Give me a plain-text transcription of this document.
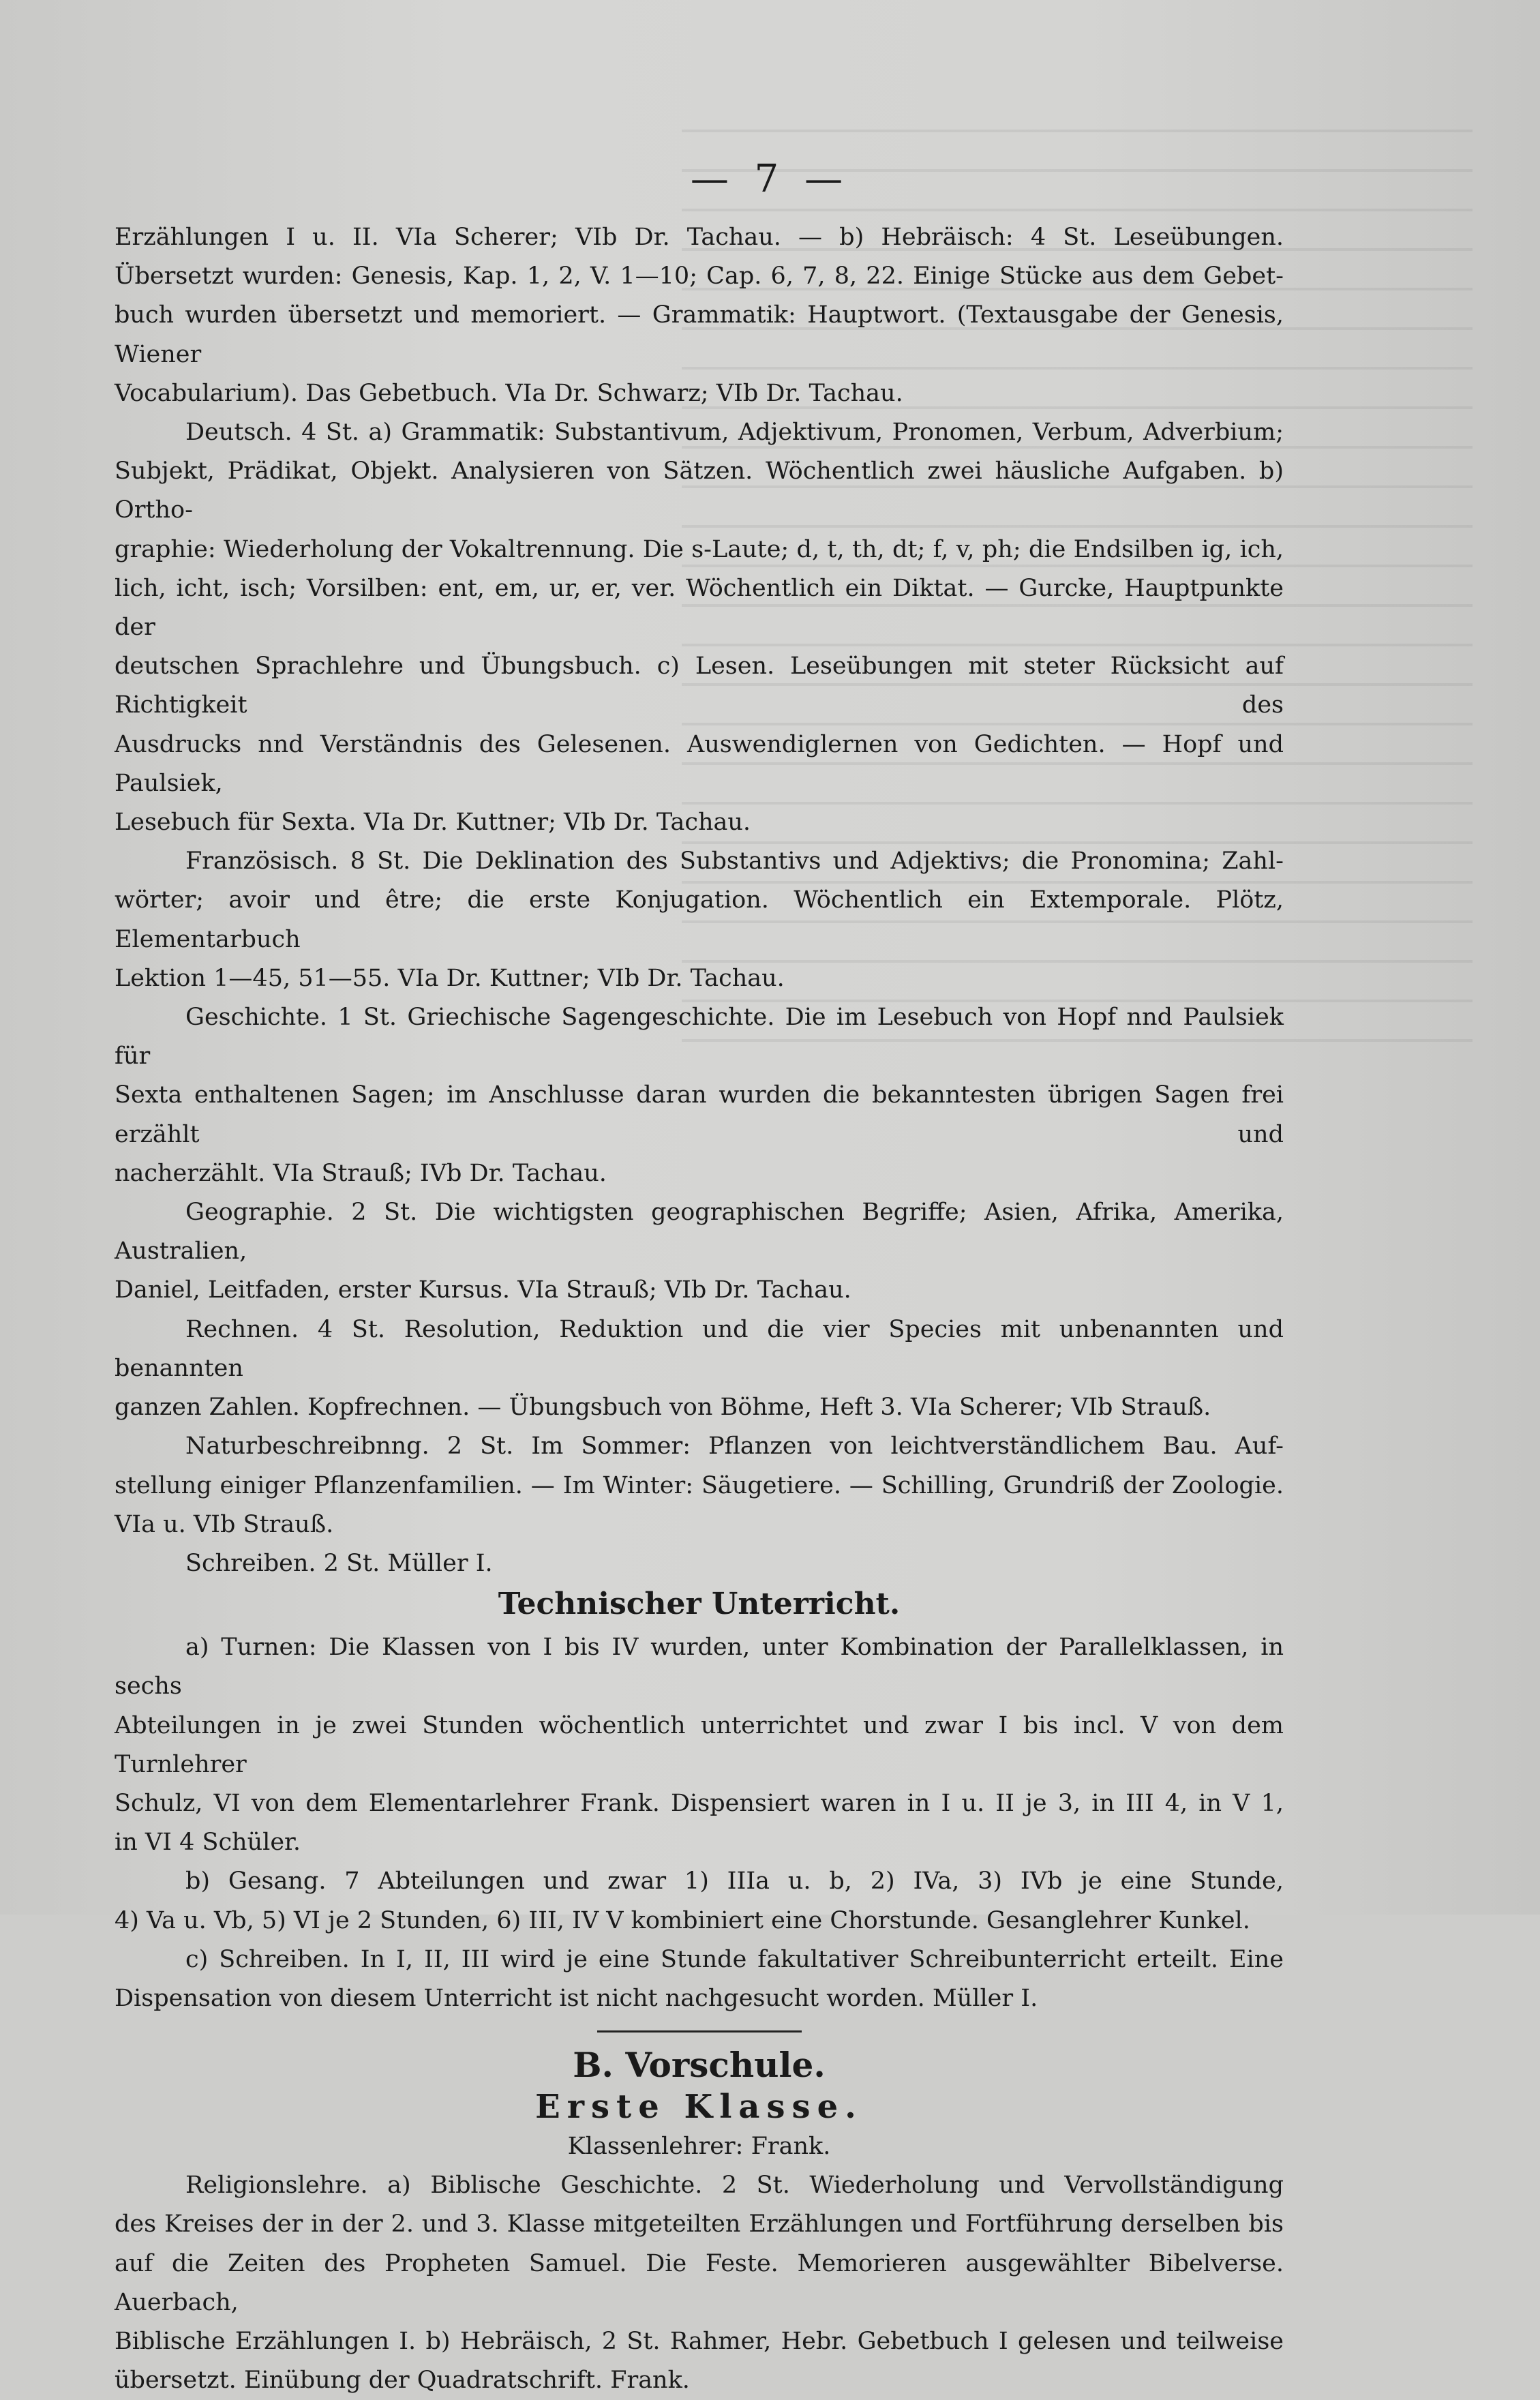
— 7 —

Erzählungen I u. II. VIa Scherer; VIb Dr. Tachau. — b) Hebräisch: 4 St. Leseübungen.

Übersetzt wurden: Genesis, Kap. 1, 2, V. 1—10; Cap. 6, 7, 8, 22. Einige Stücke aus dem Gebet-

buch wurden übersetzt und memoriert. — Grammatik: Hauptwort. (Textausgabe der Genesis, Wiener

Vocabularium). Das Gebetbuch. VIa Dr. Schwarz; VIb Dr. Tachau.

Deutsch. 4 St. a) Grammatik: Substantivum, Adjektivum, Pronomen, Verbum, Adverbium;

Subjekt, Prädikat, Objekt. Analysieren von Sätzen. Wöchentlich zwei häusliche Aufgaben. b) Ortho-

graphie: Wiederholung der Vokaltrennung. Die s-Laute; d, t, th, dt; f, v, ph; die Endsilben ig, ich,

lich, icht, isch; Vorsilben: ent, em, ur, er, ver. Wöchentlich ein Diktat. — Gurcke, Hauptpunkte der

deutschen Sprachlehre und Übungsbuch. c) Lesen. Leseübungen mit steter Rücksicht auf Richtigkeit des

Ausdrucks nnd Verständnis des Gelesenen. Auswendiglernen von Gedichten. — Hopf und Paulsiek,

Lesebuch für Sexta. VIa Dr. Kuttner; VIb Dr. Tachau.

Französisch. 8 St. Die Deklination des Substantivs und Adjektivs; die Pronomina; Zahl-

wörter; avoir und être; die erste Konjugation. Wöchentlich ein Extemporale. Plötz, Elementarbuch

Lektion 1—45, 51—55. VIa Dr. Kuttner; VIb Dr. Tachau.

Geschichte. 1 St. Griechische Sagengeschichte. Die im Lesebuch von Hopf nnd Paulsiek für

Sexta enthaltenen Sagen; im Anschlusse daran wurden die bekanntesten übrigen Sagen frei erzählt und

nacherzählt. VIa Strauß; IVb Dr. Tachau.

Geographie. 2 St. Die wichtigsten geographischen Begriffe; Asien, Afrika, Amerika, Australien,

Daniel, Leitfaden, erster Kursus. VIa Strauß; VIb Dr. Tachau.

Rechnen. 4 St. Resolution, Reduktion und die vier Species mit unbenannten und benannten

ganzen Zahlen. Kopfrechnen. — Übungsbuch von Böhme, Heft 3. VIa Scherer; VIb Strauß.

Naturbeschreibnng. 2 St. Im Sommer: Pflanzen von leichtverständlichem Bau. Auf-

stellung einiger Pflanzenfamilien. — Im Winter: Säugetiere. — Schilling, Grundriß der Zoologie.

VIa u. VIb Strauß.

Schreiben. 2 St. Müller I.

Technischer Unterricht.

a) Turnen: Die Klassen von I bis IV wurden, unter Kombination der Parallelklassen, in sechs

Abteilungen in je zwei Stunden wöchentlich unterrichtet und zwar I bis incl. V von dem Turnlehrer

Schulz, VI von dem Elementarlehrer Frank. Dispensiert waren in I u. II je 3, in III 4, in V 1,

in VI 4 Schüler.

b) Gesang. 7 Abteilungen und zwar 1) IIIa u. b, 2) IVa, 3) IVb je eine Stunde,

4) Va u. Vb, 5) VI je 2 Stunden, 6) III, IV V kombiniert eine Chorstunde. Gesanglehrer Kunkel.

c) Schreiben. In I, II, III wird je eine Stunde fakultativer Schreibunterricht erteilt. Eine

Dispensation von diesem Unterricht ist nicht nachgesucht worden. Müller I.

B. Vorschule.
Erste Klasse.
Klassenlehrer: Frank.

Religionslehre. a) Biblische Geschichte. 2 St. Wiederholung und Vervollständigung

des Kreises der in der 2. und 3. Klasse mitgeteilten Erzählungen und Fortführung derselben bis

auf die Zeiten des Propheten Samuel. Die Feste. Memorieren ausgewählter Bibelverse. Auerbach,

Biblische Erzählungen I. b) Hebräisch, 2 St. Rahmer, Hebr. Gebetbuch I gelesen und teilweise

übersetzt. Einübung der Quadratschrift. Frank.
